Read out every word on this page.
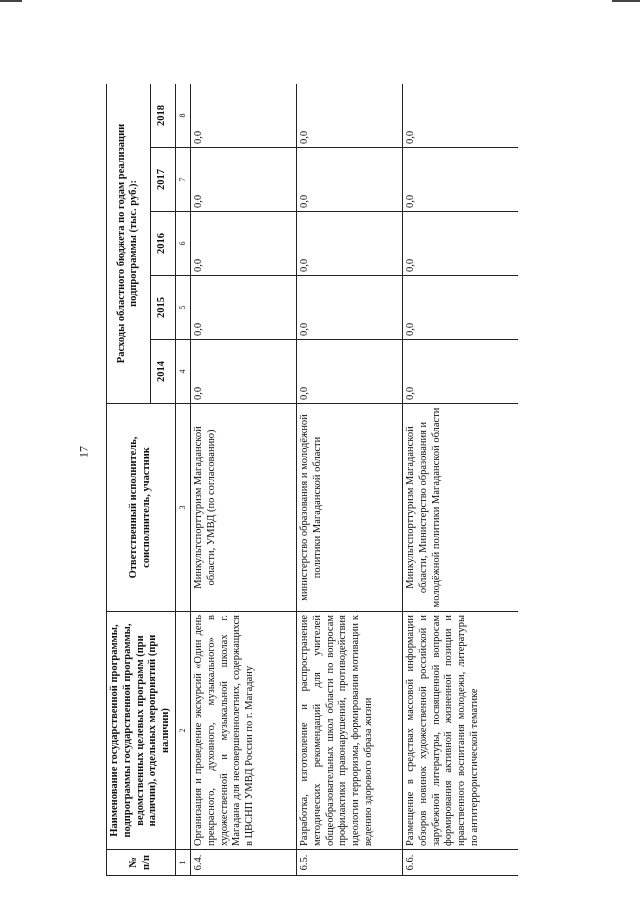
17
№
п/п	Наименование государственной программы, подпрограммы государственной программы, ведомственных целевых программ (при наличии), отдельных мероприятий (при наличии)	Ответственный исполнитель, соисполнитель, участник	Расходы областного бюджета по годам реализации подпрограммы (тыс. руб.):				
			2014	2015	2016	2017	2018
1	2	3	4	5	6	7	8
6.4.	Организация и проведение экскурсий «Один день прекрасного, духовного, музыкального» в художественной и музыкальной школах г. Магадана для несовершеннолетних, содержащихся в ЦВСНП УМВД России по г. Магадану	Минкультспорттуризм Магаданской области, УМВД (по согласованию)	0,0	0,0	0,0	0,0	0,0
6.5.	Разработка, изготовление и распространение методических рекомендаций для учителей общеобразовательных школ области по вопросам профилактики правонарушений, противодействия идеологии терроризма, формирования мотивации к ведению здорового образа жизни	министерство образования и молодёжной политики Магаданской области	0,0	0,0	0,0	0,0	0,0
6.6.	Размещение в средствах массовой информации обзоров новинок художественной российской и зарубежной литературы, посвященной вопросам формирования активной жизненной позиции и нравственного воспитания молодежи, литературы по антитеррористической тематике	Минкультспорттуризм Магаданской области, Министерство образования и молодёжной политики Магаданской области	0,0	0,0	0,0	0,0	0,0
